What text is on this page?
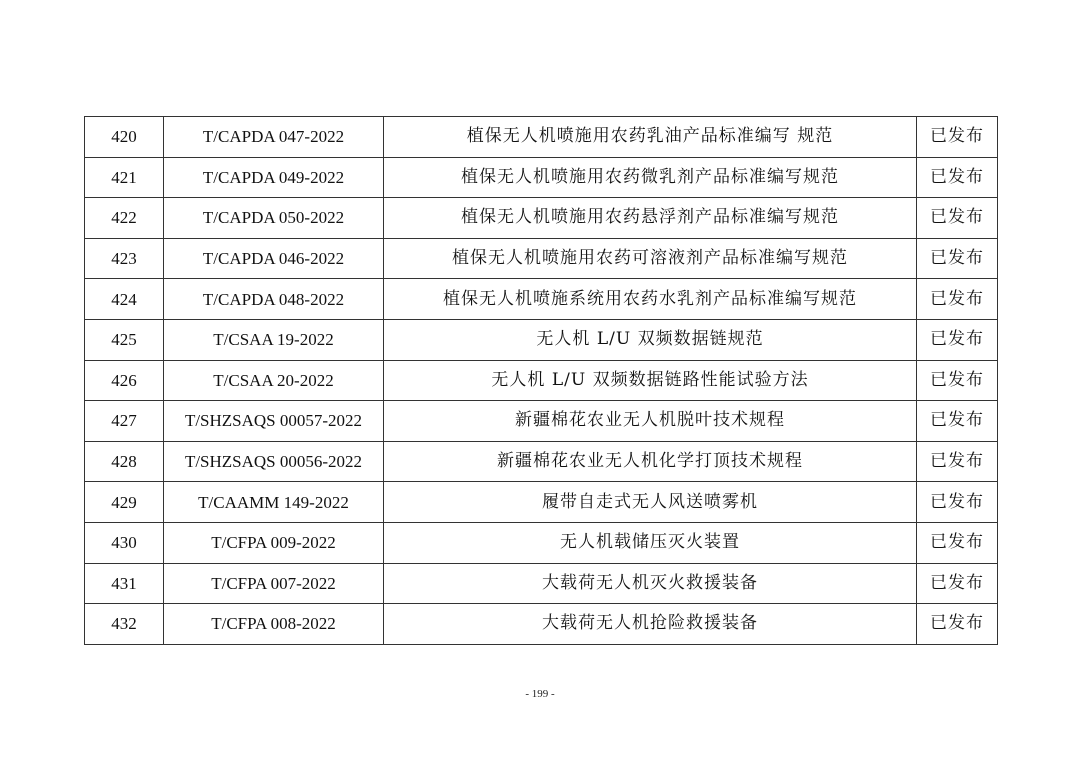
420	T/CAPDA 047-2022	植保无人机喷施用农药乳油产品标准编写 规范	已发布
421	T/CAPDA 049-2022	植保无人机喷施用农药微乳剂产品标准编写规范	已发布
422	T/CAPDA 050-2022	植保无人机喷施用农药悬浮剂产品标准编写规范	已发布
423	T/CAPDA 046-2022	植保无人机喷施用农药可溶液剂产品标准编写规范	已发布
424	T/CAPDA 048-2022	植保无人机喷施系统用农药水乳剂产品标准编写规范	已发布
425	T/CSAA 19-2022	无人机 L/U 双频数据链规范	已发布
426	T/CSAA 20-2022	无人机 L/U 双频数据链路性能试验方法	已发布
427	T/SHZSAQS 00057-2022	新疆棉花农业无人机脱叶技术规程	已发布
428	T/SHZSAQS 00056-2022	新疆棉花农业无人机化学打顶技术规程	已发布
429	T/CAAMM 149-2022	履带自走式无人风送喷雾机	已发布
430	T/CFPA 009-2022	无人机载储压灭火装置	已发布
431	T/CFPA 007-2022	大载荷无人机灭火救援装备	已发布
432	T/CFPA 008-2022	大载荷无人机抢险救援装备	已发布
- 199 -
